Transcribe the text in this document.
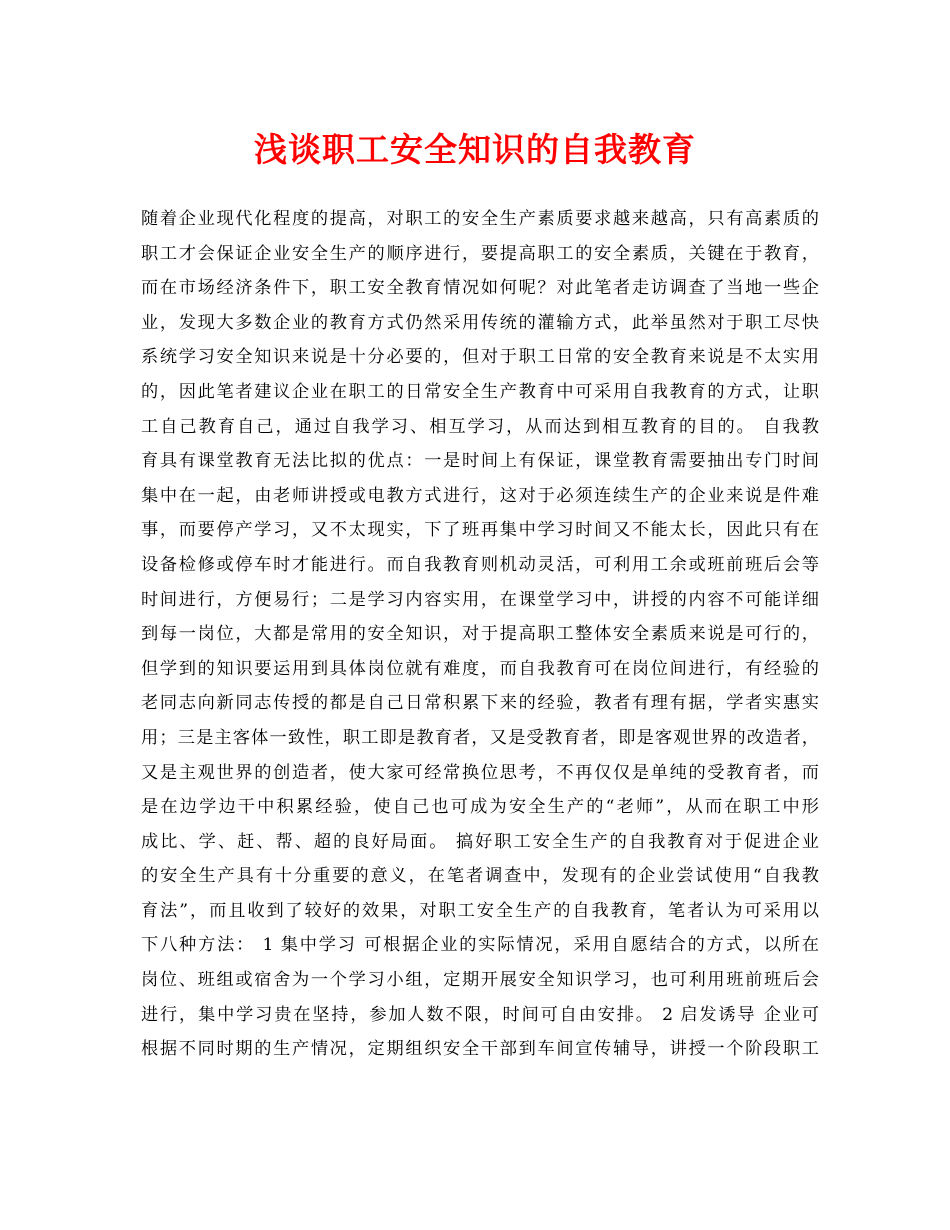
浅谈职工安全知识的自我教育
随着企业现代化程度的提高，对职工的安全生产素质要求越来越高，只有高素质的
职工才会保证企业安全生产的顺序进行，要提高职工的安全素质，关键在于教育，
而在市场经济条件下，职工安全教育情况如何呢？对此笔者走访调查了当地一些企
业，发现大多数企业的教育方式仍然采用传统的灌输方式，此举虽然对于职工尽快
系统学习安全知识来说是十分必要的，但对于职工日常的安全教育来说是不太实用
的，因此笔者建议企业在职工的日常安全生产教育中可采用自我教育的方式，让职
工自己教育自己，通过自我学习、相互学习，从而达到相互教育的目的。 自我教
育具有课堂教育无法比拟的优点：一是时间上有保证，课堂教育需要抽出专门时间
集中在一起，由老师讲授或电教方式进行，这对于必须连续生产的企业来说是件难
事，而要停产学习，又不太现实，下了班再集中学习时间又不能太长，因此只有在
设备检修或停车时才能进行。而自我教育则机动灵活，可利用工余或班前班后会等
时间进行，方便易行；二是学习内容实用，在课堂学习中，讲授的内容不可能详细
到每一岗位，大都是常用的安全知识，对于提高职工整体安全素质来说是可行的，
但学到的知识要运用到具体岗位就有难度，而自我教育可在岗位间进行，有经验的
老同志向新同志传授的都是自己日常积累下来的经验，教者有理有据，学者实惠实
用；三是主客体一致性，职工即是教育者，又是受教育者，即是客观世界的改造者，
又是主观世界的创造者，使大家可经常换位思考，不再仅仅是单纯的受教育者，而
是在边学边干中积累经验，使自己也可成为安全生产的“老师”，从而在职工中形
成比、学、赶、帮、超的良好局面。 搞好职工安全生产的自我教育对于促进企业
的安全生产具有十分重要的意义，在笔者调查中，发现有的企业尝试使用“自我教
育法”，而且收到了较好的效果，对职工安全生产的自我教育，笔者认为可采用以
下八种方法： 1 集中学习 可根据企业的实际情况，采用自愿结合的方式，以所在
岗位、班组或宿舍为一个学习小组，定期开展安全知识学习，也可利用班前班后会
进行，集中学习贵在坚持，参加人数不限，时间可自由安排。 2 启发诱导 企业可
根据不同时期的生产情况，定期组织安全干部到车间宣传辅导，讲授一个阶段职工
